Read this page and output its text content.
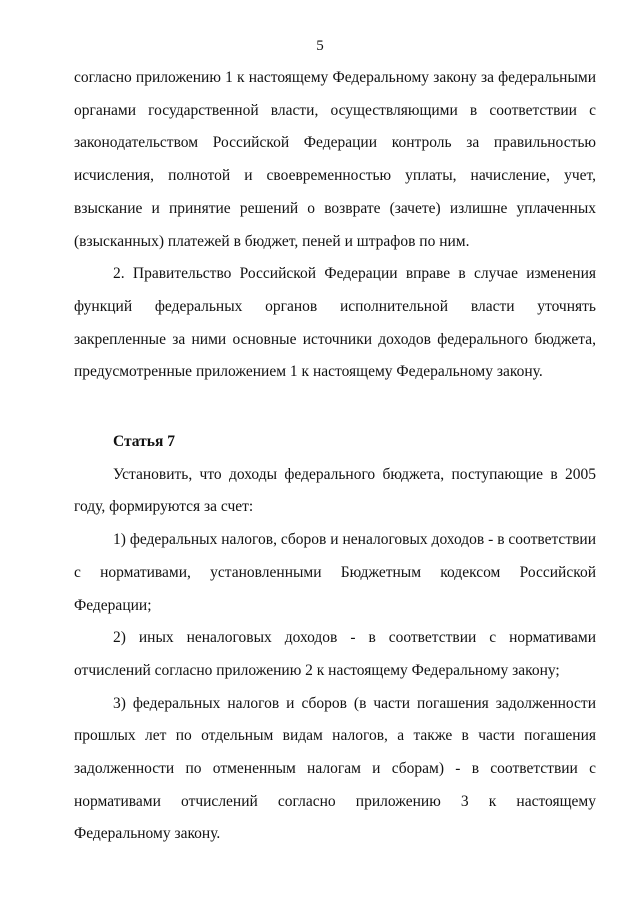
5

согласно приложению 1 к настоящему Федеральному закону за федеральными органами государственной власти, осуществляющими в соответствии с законодательством Российской Федерации контроль за правильностью исчисления, полнотой и своевременностью уплаты, начисление, учет, взыскание и принятие решений о возврате (зачете) излишне уплаченных (взысканных) платежей в бюджет, пеней и штрафов по ним.

2. Правительство Российской Федерации вправе в случае изменения функций федеральных органов исполнительной власти уточнять закрепленные за ними основные источники доходов федерального бюджета, предусмотренные приложением 1 к настоящему Федеральному закону.

Статья 7

Установить, что доходы федерального бюджета, поступающие в 2005 году, формируются за счет:

1) федеральных налогов, сборов и неналоговых доходов - в соответствии с нормативами, установленными Бюджетным кодексом Российской Федерации;

2) иных неналоговых доходов - в соответствии с нормативами отчислений согласно приложению 2 к настоящему Федеральному закону;

3) федеральных налогов и сборов (в части погашения задолженности прошлых лет по отдельным видам налогов, а также в части погашения задолженности по отмененным налогам и сборам) - в соответствии с нормативами отчислений согласно приложению 3 к настоящему Федеральному закону.
